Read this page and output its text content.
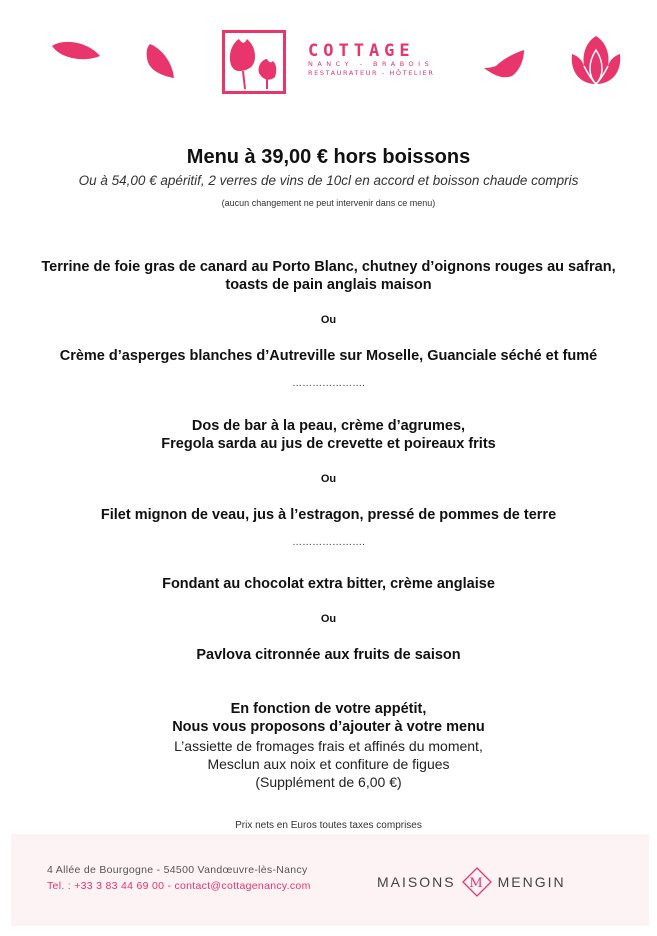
COTTAGE
NANCY - BRABOIS
RESTAURATEUR - HÔTELIER
Menu à 39,00 € hors boissons
Ou à 54,00 € apéritif, 2 verres de vins de 10cl en accord et boisson chaude compris
(aucun changement ne peut intervenir dans ce menu)
Terrine de foie gras de canard au Porto Blanc, chutney d’oignons rouges au safran,
toasts de pain anglais maison
Ou
Crème d’asperges blanches d’Autreville sur Moselle, Guanciale séché et fumé
………………….
Dos de bar à la peau, crème d’agrumes,
Fregola sarda au jus de crevette et poireaux frits
Ou
Filet mignon de veau, jus à l’estragon, pressé de pommes de terre
………………….
Fondant au chocolat extra bitter, crème anglaise
Ou
Pavlova citronnée aux fruits de saison
En fonction de votre appétit,
Nous vous proposons d’ajouter à votre menu
L’assiette de fromages frais et affinés du moment,
Mesclun aux noix et confiture de figues
(Supplément de 6,00 €)
Prix nets en Euros toutes taxes comprises
4 Allée de Bourgogne - 54500 Vandœuvre-lès-Nancy
Tel. : +33 3 83 44 69 00 - contact@cottagenancy.com	MAISONS M MENGIN
